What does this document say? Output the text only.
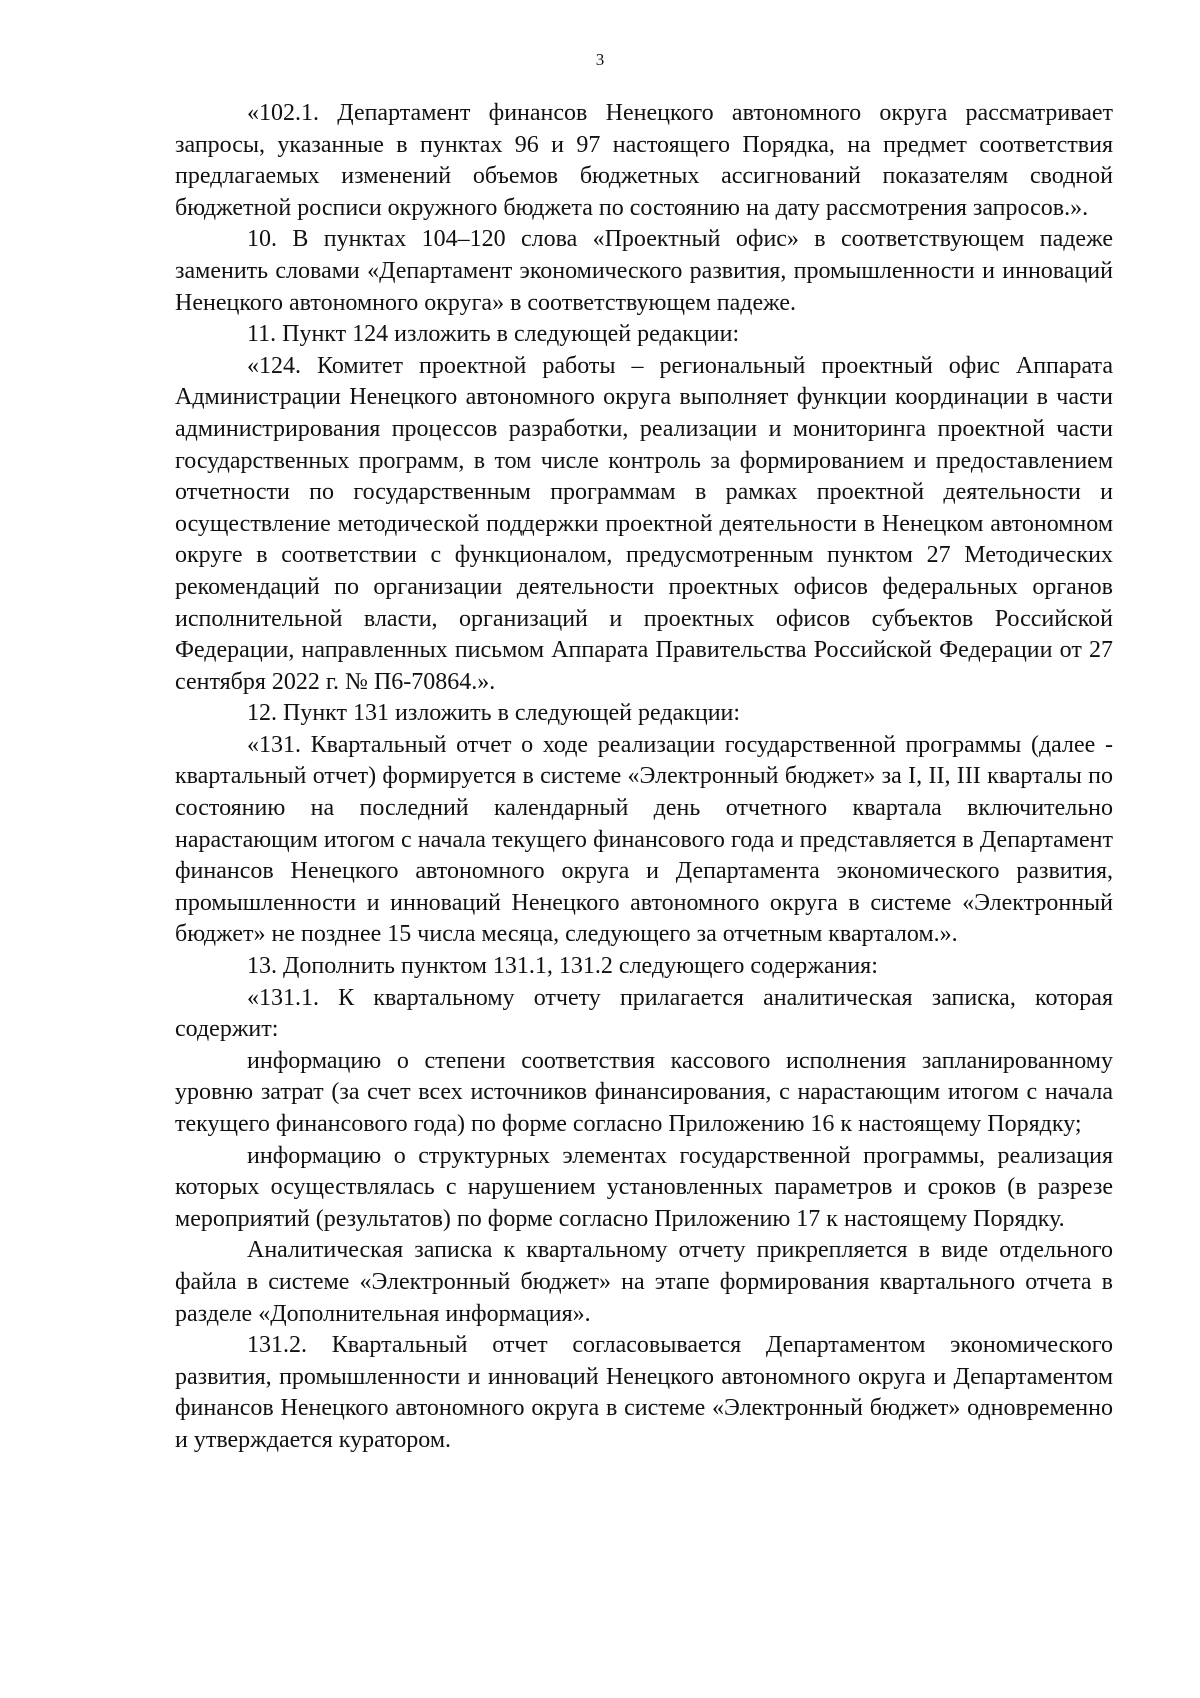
3

«102.1. Департамент финансов Ненецкого автономного округа рассматривает запросы, указанные в пунктах 96 и 97 настоящего Порядка, на предмет соответствия предлагаемых изменений объемов бюджетных ассигнований показателям сводной бюджетной росписи окружного бюджета по состоянию на дату рассмотрения запросов.».

10. В пунктах 104–120 слова «Проектный офис» в соответствующем падеже заменить словами «Департамент экономического развития, промышленности и инноваций Ненецкого автономного округа» в соответствующем падеже.

11. Пункт 124 изложить в следующей редакции:

«124. Комитет проектной работы – региональный проектный офис Аппарата Администрации Ненецкого автономного округа выполняет функции координации в части администрирования процессов разработки, реализации и мониторинга проектной части государственных программ, в том числе контроль за формированием и предоставлением отчетности по государственным программам в рамках проектной деятельности и осуществление методической поддержки проектной деятельности в Ненецком автономном округе в соответствии с функционалом, предусмотренным пунктом 27 Методических рекомендаций по организации деятельности проектных офисов федеральных органов исполнительной власти, организаций и проектных офисов субъектов Российской Федерации, направленных письмом Аппарата Правительства Российской Федерации от 27 сентября 2022 г. № П6-70864.».

12. Пункт 131 изложить в следующей редакции:

«131. Квартальный отчет о ходе реализации государственной программы (далее - квартальный отчет) формируется в системе «Электронный бюджет» за I, II, III кварталы по состоянию на последний календарный день отчетного квартала включительно нарастающим итогом с начала текущего финансового года и представляется в Департамент финансов Ненецкого автономного округа и Департамента экономического развития, промышленности и инноваций Ненецкого автономного округа в системе «Электронный бюджет» не позднее 15 числа месяца, следующего за отчетным кварталом.».

13. Дополнить пунктом 131.1, 131.2 следующего содержания:

«131.1. К квартальному отчету прилагается аналитическая записка, которая содержит:

информацию о степени соответствия кассового исполнения запланированному уровню затрат (за счет всех источников финансирования, с нарастающим итогом с начала текущего финансового года) по форме согласно Приложению 16 к настоящему Порядку;

информацию о структурных элементах государственной программы, реализация которых осуществлялась с нарушением установленных параметров и сроков (в разрезе мероприятий (результатов) по форме согласно Приложению 17 к настоящему Порядку.

Аналитическая записка к квартальному отчету прикрепляется в виде отдельного файла в системе «Электронный бюджет» на этапе формирования квартального отчета в разделе «Дополнительная информация».

131.2. Квартальный отчет согласовывается Департаментом экономического развития, промышленности и инноваций Ненецкого автономного округа и Департаментом финансов Ненецкого автономного округа в системе «Электронный бюджет» одновременно и утверждается куратором.
